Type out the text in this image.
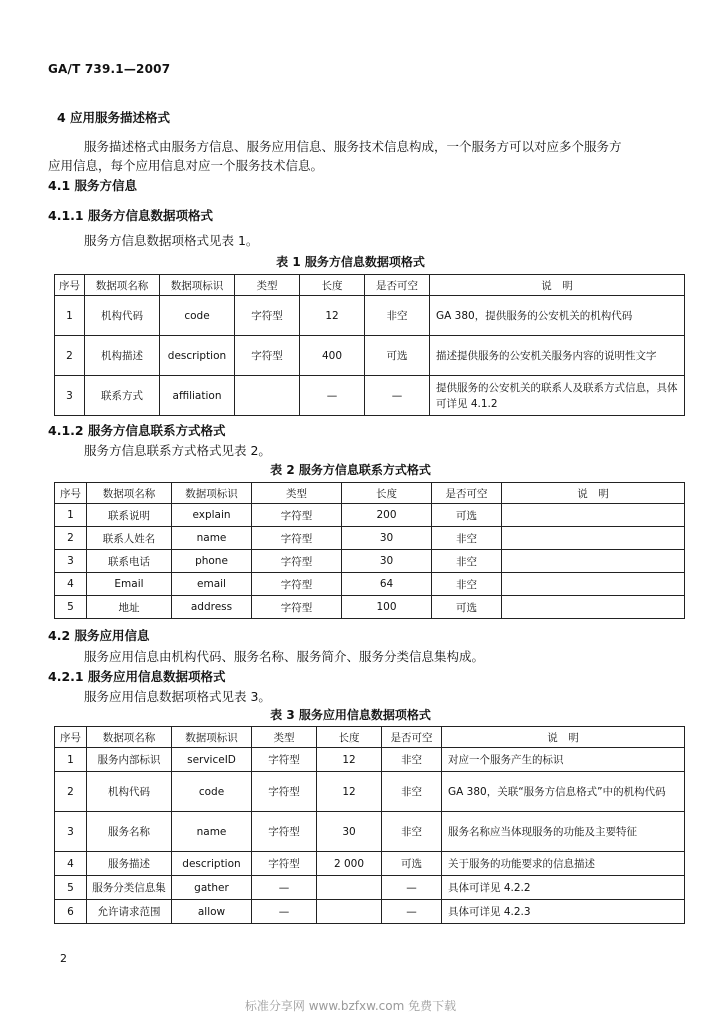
GA/T 739.1—2007
4 应用服务描述格式
服务描述格式由服务方信息、服务应用信息、服务技术信息构成，一个服务方可以对应多个服务方
应用信息，每个应用信息对应一个服务技术信息。
4.1 服务方信息
4.1.1 服务方信息数据项格式
服务方信息数据项格式见表 1。
表 1 服务方信息数据项格式
序号	数据项名称	数据项标识	类型	长度	是否可空	说　明
1	机构代码	code	字符型	12	非空	GA 380，提供服务的公安机关的机构代码
2	机构描述	description	字符型	400	可选	描述提供服务的公安机关服务内容的说明性文字
3	联系方式	affiliation		—	—	提供服务的公安机关的联系人及联系方式信息，具体可详见 4.1.2
4.1.2 服务方信息联系方式格式
服务方信息联系方式格式见表 2。
表 2 服务方信息联系方式格式
序号	数据项名称	数据项标识	类型	长度	是否可空	说　明
1	联系说明	explain	字符型	200	可选	
2	联系人姓名	name	字符型	30	非空	
3	联系电话	phone	字符型	30	非空	
4	Email	email	字符型	64	非空	
5	地址	address	字符型	100	可选	
4.2 服务应用信息
服务应用信息由机构代码、服务名称、服务简介、服务分类信息集构成。
4.2.1 服务应用信息数据项格式
服务应用信息数据项格式见表 3。
表 3 服务应用信息数据项格式
序号	数据项名称	数据项标识	类型	长度	是否可空	说　明
1	服务内部标识	serviceID	字符型	12	非空	对应一个服务产生的标识
2	机构代码	code	字符型	12	非空	GA 380，关联“服务方信息格式”中的机构代码
3	服务名称	name	字符型	30	非空	服务名称应当体现服务的功能及主要特征
4	服务描述	description	字符型	2 000	可选	关于服务的功能要求的信息描述
5	服务分类信息集	gather	—		—	具体可详见 4.2.2
6	允许请求范围	allow	—		—	具体可详见 4.2.3
2
标准分享网 www.bzfxw.com 免费下载
